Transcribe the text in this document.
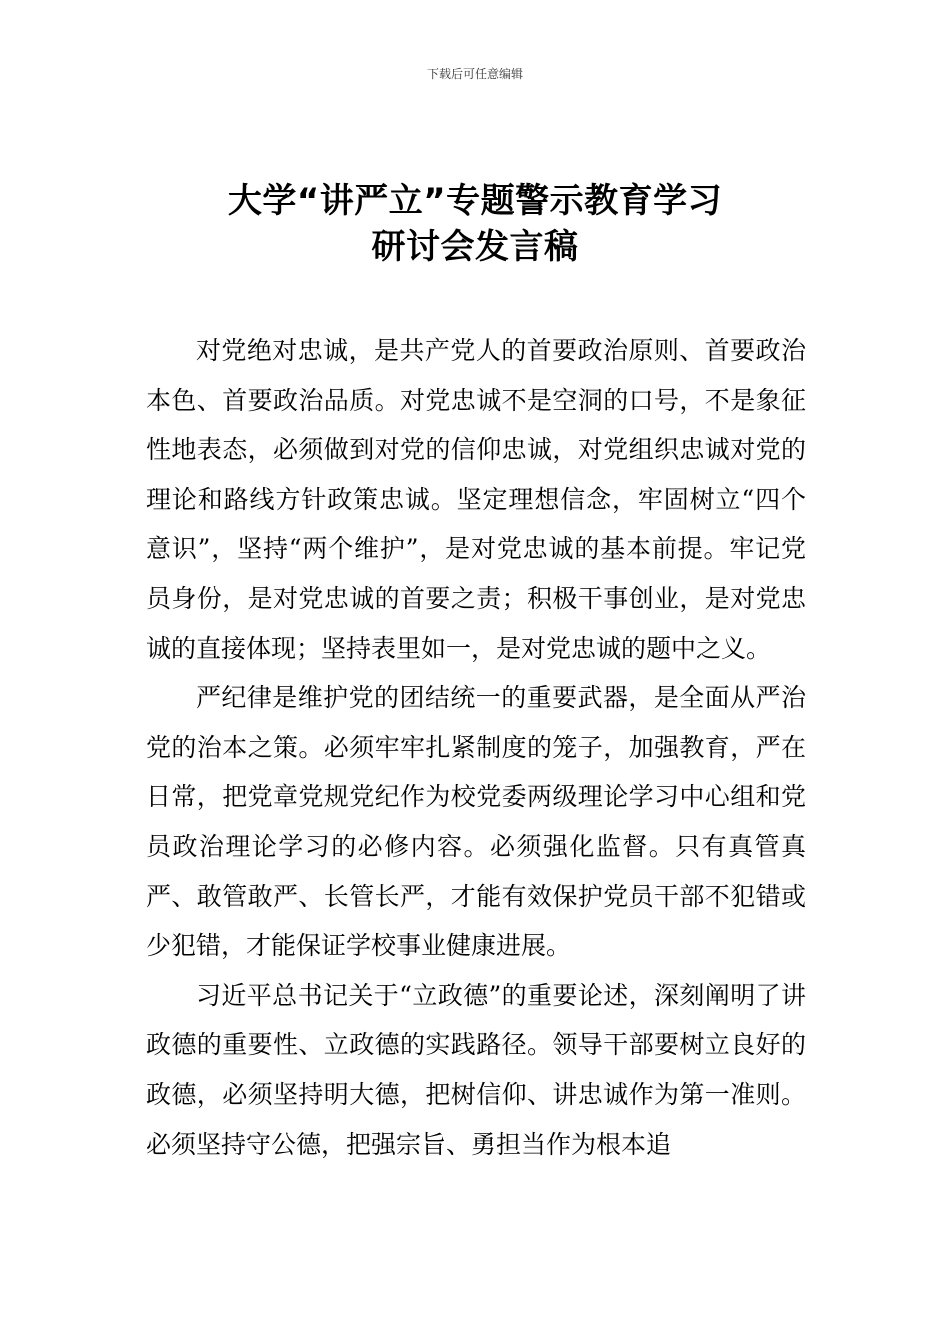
下载后可任意编辑
大学“讲严立”专题警示教育学习
研讨会发言稿

对党绝对忠诚，是共产党人的首要政治原则、首要政治本色、首要政治品质。对党忠诚不是空洞的口号，不是象征性地表态，必须做到对党的信仰忠诚，对党组织忠诚对党的理论和路线方针政策忠诚。坚定理想信念，牢固树立“四个意识”，坚持“两个维护”，是对党忠诚的基本前提。牢记党员身份，是对党忠诚的首要之责；积极干事创业，是对党忠诚的直接体现；坚持表里如一，是对党忠诚的题中之义。

严纪律是维护党的团结统一的重要武器，是全面从严治党的治本之策。必须牢牢扎紧制度的笼子，加强教育，严在日常，把党章党规党纪作为校党委两级理论学习中心组和党员政治理论学习的必修内容。必须强化监督。只有真管真严、敢管敢严、长管长严，才能有效保护党员干部不犯错或少犯错，才能保证学校事业健康进展。

习近平总书记关于“立政德”的重要论述，深刻阐明了讲政德的重要性、立政德的实践路径。领导干部要树立良好的政德，必须坚持明大德，把树信仰、讲忠诚作为第一准则。必须坚持守公德，把强宗旨、勇担当作为根本追
